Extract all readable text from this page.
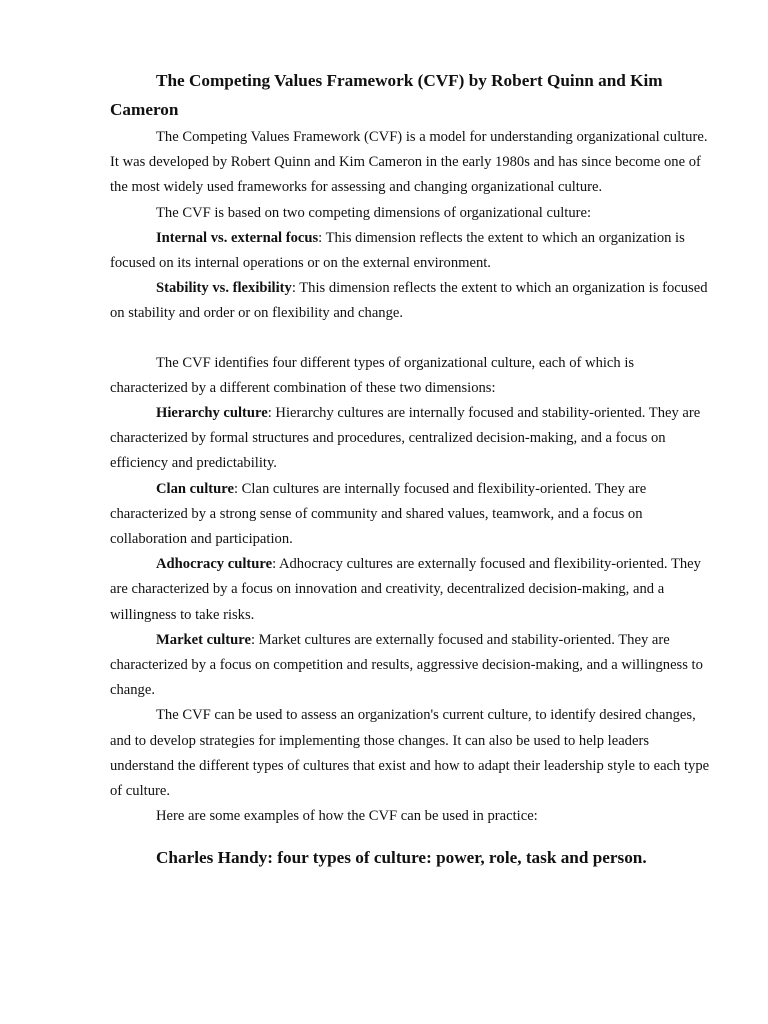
The Competing Values Framework (CVF) by Robert Quinn and Kim Cameron

The Competing Values Framework (CVF) is a model for understanding organizational culture. It was developed by Robert Quinn and Kim Cameron in the early 1980s and has since become one of the most widely used frameworks for assessing and changing organizational culture.

The CVF is based on two competing dimensions of organizational culture:

Internal vs. external focus: This dimension reflects the extent to which an organization is focused on its internal operations or on the external environment.

Stability vs. flexibility: This dimension reflects the extent to which an organization is focused on stability and order or on flexibility and change.

The CVF identifies four different types of organizational culture, each of which is characterized by a different combination of these two dimensions:

Hierarchy culture: Hierarchy cultures are internally focused and stability-oriented. They are characterized by formal structures and procedures, centralized decision-making, and a focus on efficiency and predictability.

Clan culture: Clan cultures are internally focused and flexibility-oriented. They are characterized by a strong sense of community and shared values, teamwork, and a focus on collaboration and participation.

Adhocracy culture: Adhocracy cultures are externally focused and flexibility-oriented. They are characterized by a focus on innovation and creativity, decentralized decision-making, and a willingness to take risks.

Market culture: Market cultures are externally focused and stability-oriented. They are characterized by a focus on competition and results, aggressive decision-making, and a willingness to change.

The CVF can be used to assess an organization's current culture, to identify desired changes, and to develop strategies for implementing those changes. It can also be used to help leaders understand the different types of cultures that exist and how to adapt their leadership style to each type of culture.

Here are some examples of how the CVF can be used in practice:

Charles Handy: four types of culture: power, role, task and person.
